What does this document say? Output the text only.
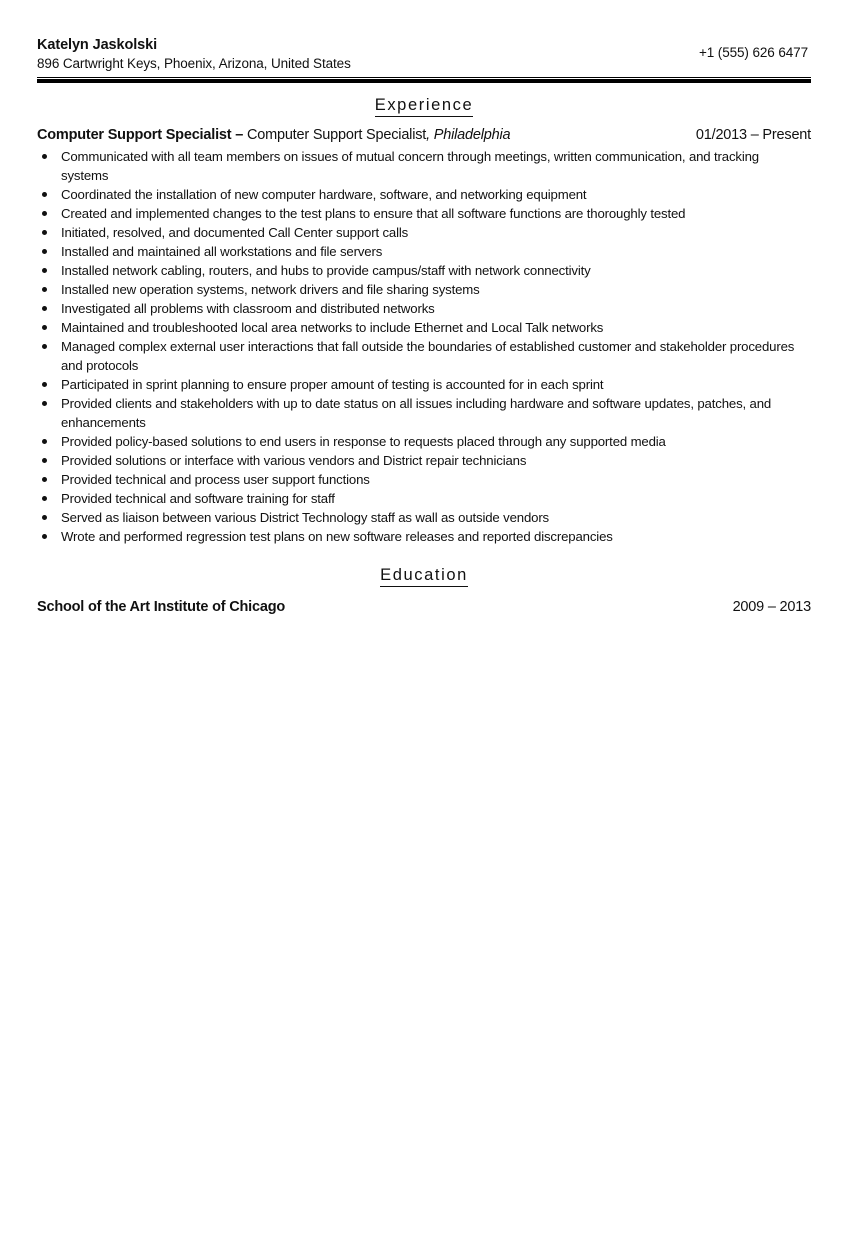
Katelyn Jaskolski
896 Cartwright Keys, Phoenix, Arizona, United States
+1 (555) 626 6477
Experience
Computer Support Specialist – Computer Support Specialist, Philadelphia	01/2013 – Present
Communicated with all team members on issues of mutual concern through meetings, written communication, and tracking systems
Coordinated the installation of new computer hardware, software, and networking equipment
Created and implemented changes to the test plans to ensure that all software functions are thoroughly tested
Initiated, resolved, and documented Call Center support calls
Installed and maintained all workstations and file servers
Installed network cabling, routers, and hubs to provide campus/staff with network connectivity
Installed new operation systems, network drivers and file sharing systems
Investigated all problems with classroom and distributed networks
Maintained and troubleshooted local area networks to include Ethernet and Local Talk networks
Managed complex external user interactions that fall outside the boundaries of established customer and stakeholder procedures and protocols
Participated in sprint planning to ensure proper amount of testing is accounted for in each sprint
Provided clients and stakeholders with up to date status on all issues including hardware and software updates, patches, and enhancements
Provided policy-based solutions to end users in response to requests placed through any supported media
Provided solutions or interface with various vendors and District repair technicians
Provided technical and process user support functions
Provided technical and software training for staff
Served as liaison between various District Technology staff as wall as outside vendors
Wrote and performed regression test plans on new software releases and reported discrepancies
Education
School of the Art Institute of Chicago	2009 – 2013
